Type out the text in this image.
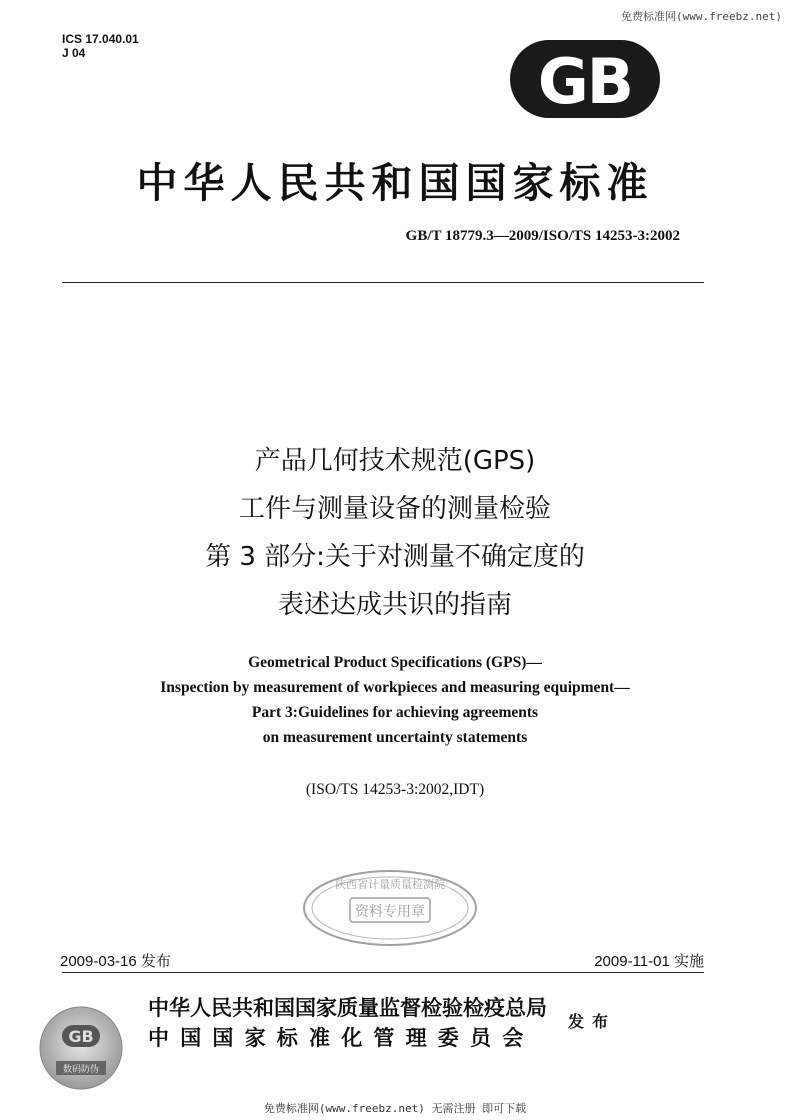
免费标准网(www.freebz.net)
ICS 17.040.01
J 04	GB
中华人民共和国国家标准
GB/T 18779.3—2009/ISO/TS 14253-3:2002
产品几何技术规范(GPS)
工件与测量设备的测量检验
第 3 部分:关于对测量不确定度的
表述达成共识的指南
Geometrical Product Specifications (GPS)—
Inspection by measurement of workpieces and measuring equipment—
Part 3:Guidelines for achieving agreements
on measurement uncertainty statements
(ISO/TS 14253-3:2002,IDT)
陕西省计量质量检测院
资料专用章
2009-03-16 发布	2009-11-01 实施
GB
数码防伪
中华人民共和国国家质量监督检验检疫总局
中国国家标准化管理委员会
发布
免费标准网(www.freebz.net) 无需注册 即可下载
